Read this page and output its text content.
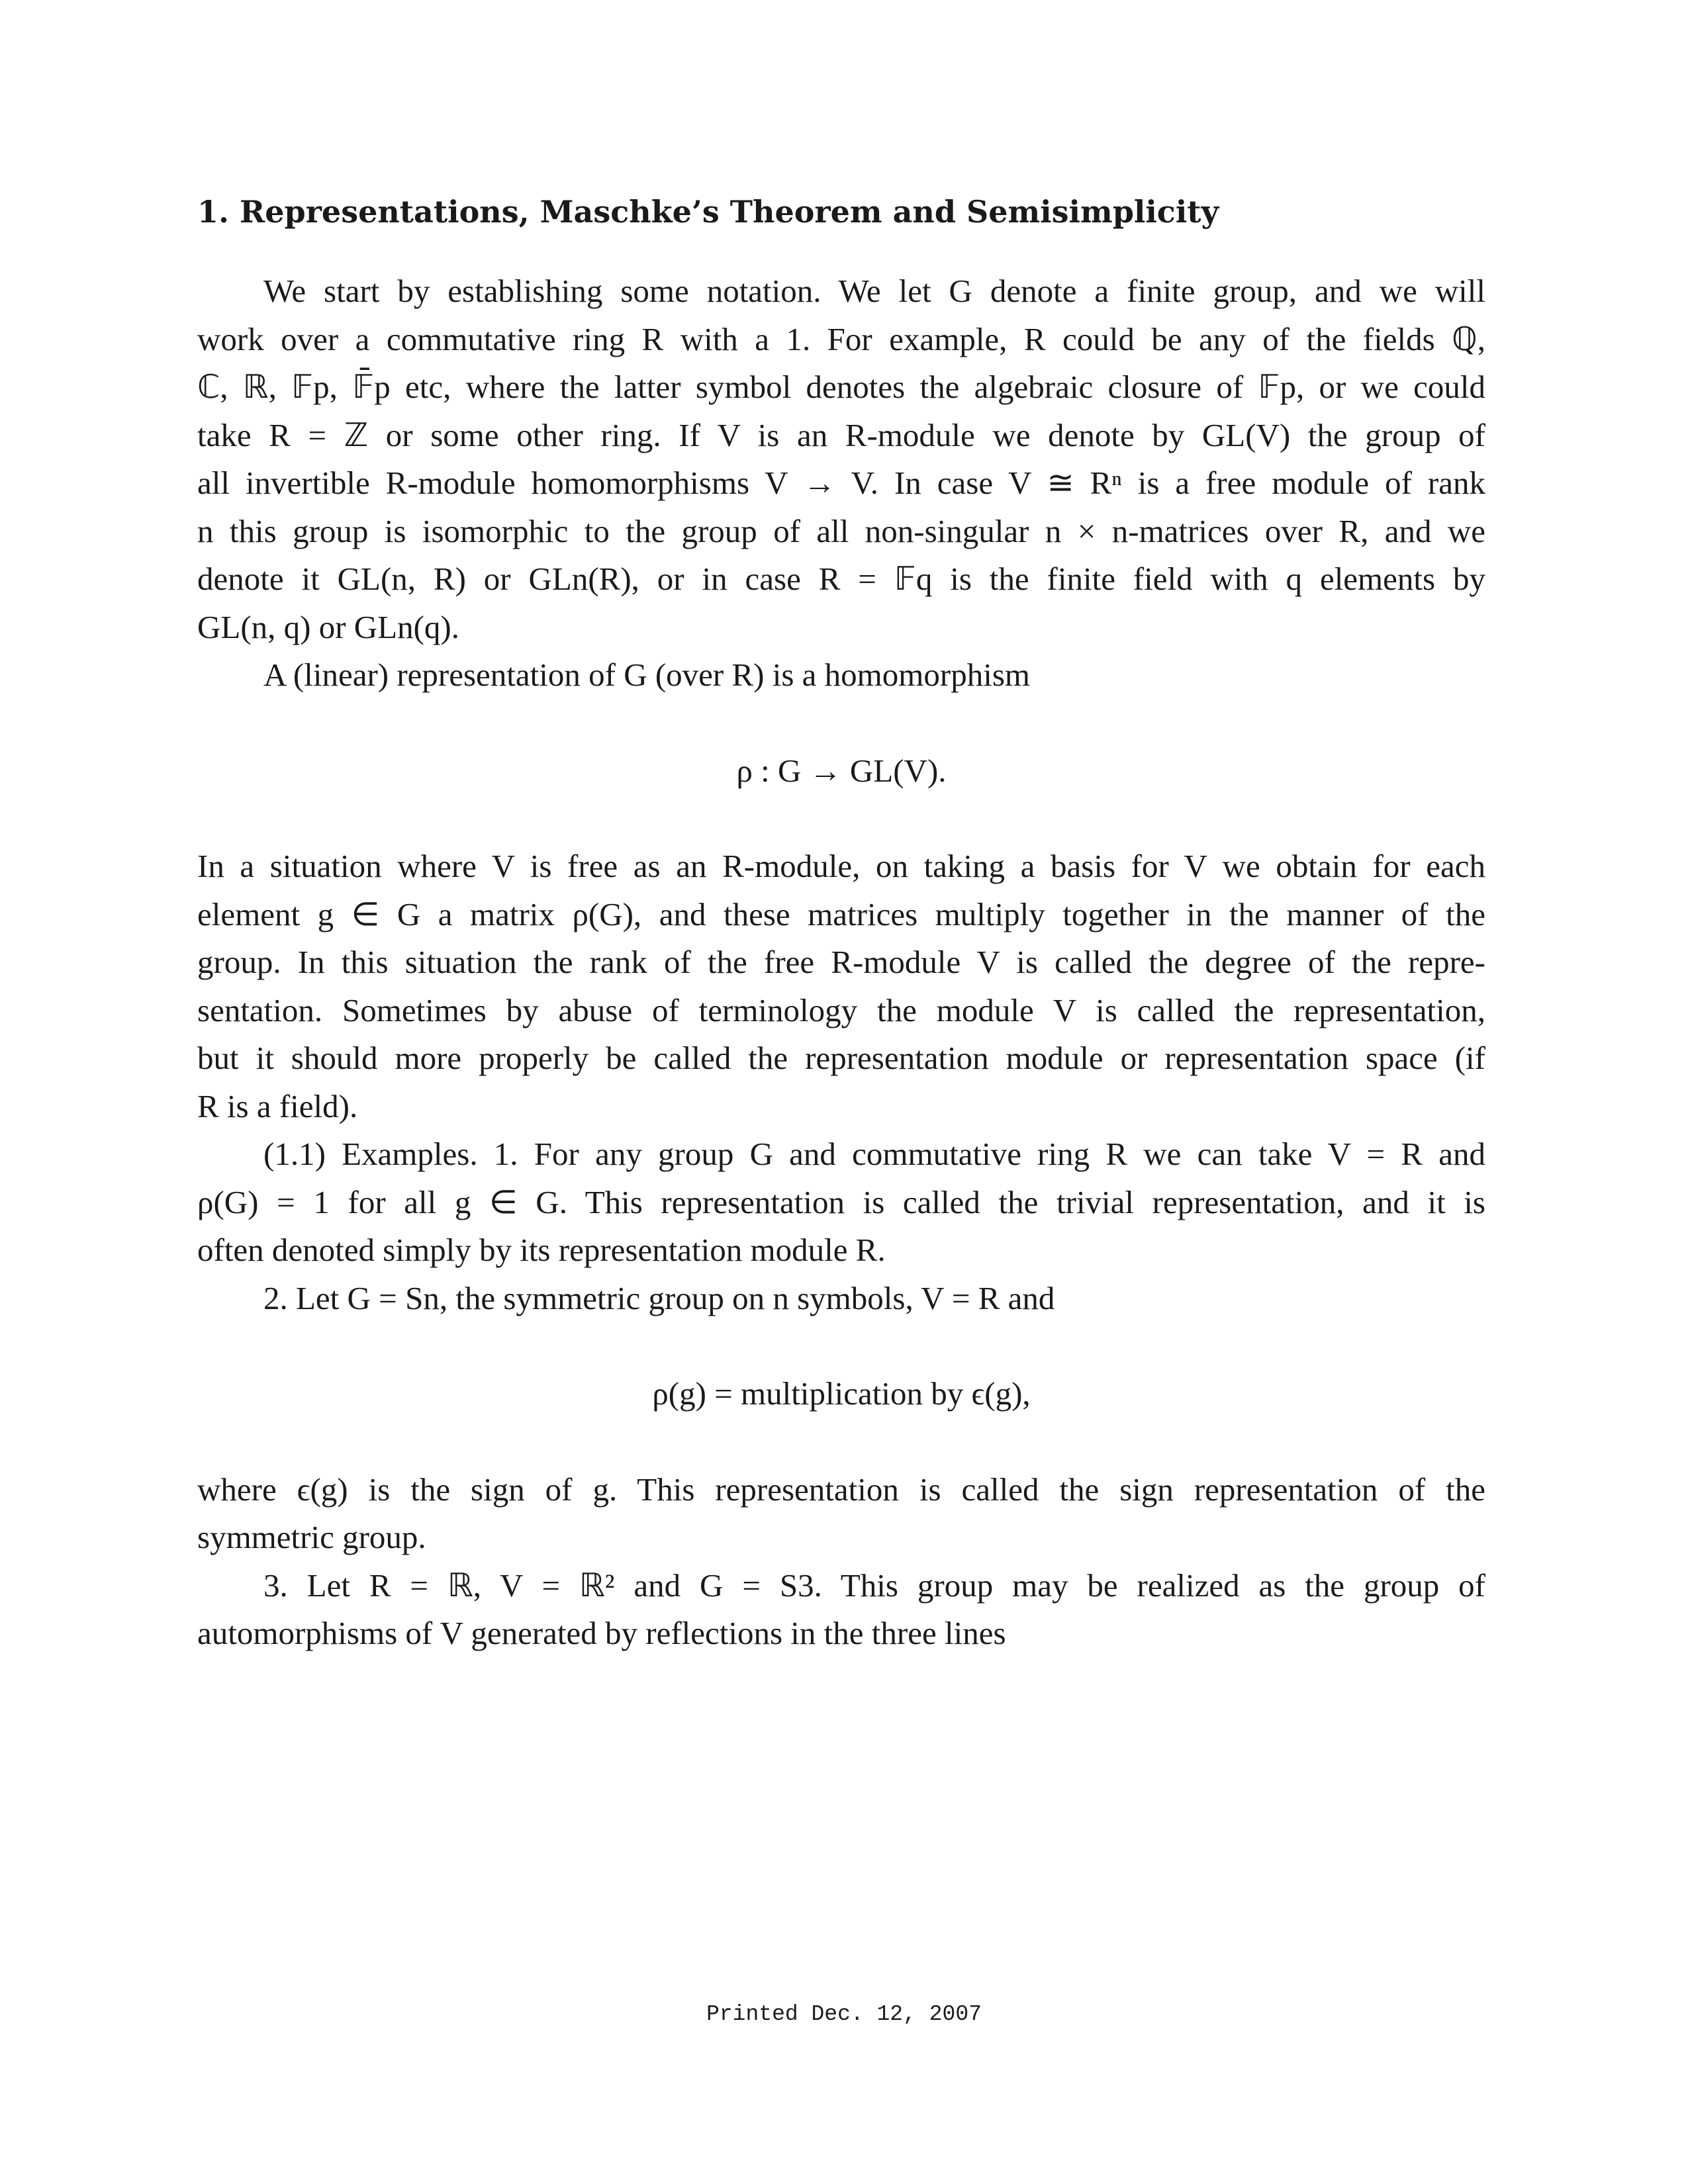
1. Representations, Maschke’s Theorem and Semisimplicity
We start by establishing some notation. We let G denote a finite group, and we will
work over a commutative ring R with a 1. For example, R could be any of the fields ℚ,
ℂ, ℝ, 𝔽p, 𝔽̄p etc, where the latter symbol denotes the algebraic closure of 𝔽p, or we could
take R = ℤ or some other ring. If V is an R-module we denote by GL(V) the group of
all invertible R-module homomorphisms V → V. In case V ≅ Rⁿ is a free module of rank
n this group is isomorphic to the group of all non-singular n × n-matrices over R, and we
denote it GL(n, R) or GLn(R), or in case R = 𝔽q is the finite field with q elements by
GL(n, q) or GLn(q).
A (linear) representation of G (over R) is a homomorphism
ρ : G → GL(V).
In a situation where V is free as an R-module, on taking a basis for V we obtain for each
element g ∈ G a matrix ρ(G), and these matrices multiply together in the manner of the
group. In this situation the rank of the free R-module V is called the degree of the repre-
sentation. Sometimes by abuse of terminology the module V is called the representation,
but it should more properly be called the representation module or representation space (if
R is a field).
(1.1) Examples. 1. For any group G and commutative ring R we can take V = R and
ρ(G) = 1 for all g ∈ G. This representation is called the trivial representation, and it is
often denoted simply by its representation module R.
2. Let G = Sn, the symmetric group on n symbols, V = R and
ρ(g) = multiplication by ϵ(g),
where ϵ(g) is the sign of g. This representation is called the sign representation of the
symmetric group.
3. Let R = ℝ, V = ℝ² and G = S3. This group may be realized as the group of
automorphisms of V generated by reflections in the three lines
Printed Dec. 12, 2007
